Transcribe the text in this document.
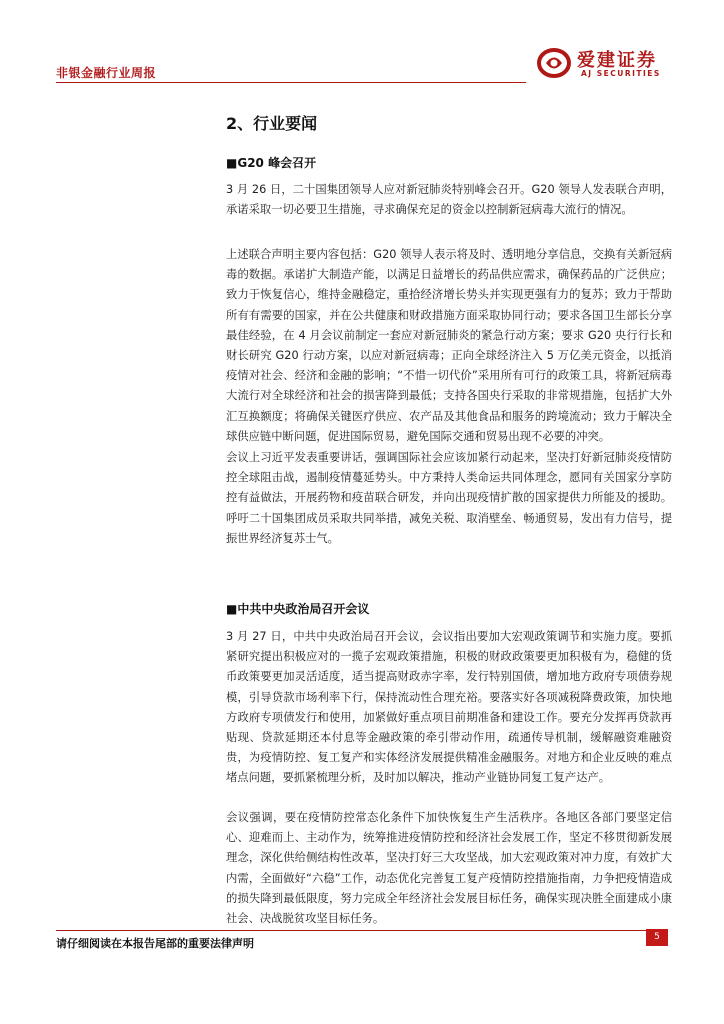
非银金融行业周报
爱建证券
AJ SECURITIES
2、行业要闻
■G20 峰会召开
3 月 26 日，二十国集团领导人应对新冠肺炎特别峰会召开。G20 领导人发表联合声明，承诺采取一切必要卫生措施，寻求确保充足的资金以控制新冠病毒大流行的情况。
上述联合声明主要内容包括：G20 领导人表示将及时、透明地分享信息，交换有关新冠病毒的数据。承诺扩大制造产能，以满足日益增长的药品供应需求，确保药品的广泛供应；致力于恢复信心，维持金融稳定，重拾经济增长势头并实现更强有力的复苏；致力于帮助所有有需要的国家，并在公共健康和财政措施方面采取协同行动；要求各国卫生部长分享最佳经验，在 4 月会议前制定一套应对新冠肺炎的紧急行动方案；要求 G20 央行行长和财长研究 G20 行动方案，以应对新冠病毒；正向全球经济注入 5 万亿美元资金，以抵消疫情对社会、经济和金融的影响；“不惜一切代价”采用所有可行的政策工具，将新冠病毒大流行对全球经济和社会的损害降到最低；支持各国央行采取的非常规措施，包括扩大外汇互换额度；将确保关键医疗供应、农产品及其他食品和服务的跨境流动；致力于解决全球供应链中断问题，促进国际贸易，避免国际交通和贸易出现不必要的冲突。
会议上习近平发表重要讲话，强调国际社会应该加紧行动起来，坚决打好新冠肺炎疫情防控全球阻击战，遏制疫情蔓延势头。中方秉持人类命运共同体理念，愿同有关国家分享防控有益做法，开展药物和疫苗联合研发，并向出现疫情扩散的国家提供力所能及的援助。呼吁二十国集团成员采取共同举措，减免关税、取消壁垒、畅通贸易，发出有力信号，提振世界经济复苏士气。
■中共中央政治局召开会议
3 月 27 日，中共中央政治局召开会议，会议指出要加大宏观政策调节和实施力度。要抓紧研究提出积极应对的一揽子宏观政策措施，积极的财政政策要更加积极有为，稳健的货币政策要更加灵活适度，适当提高财政赤字率，发行特别国债，增加地方政府专项债券规模，引导贷款市场利率下行，保持流动性合理充裕。要落实好各项减税降费政策，加快地方政府专项债发行和使用，加紧做好重点项目前期准备和建设工作。要充分发挥再贷款再贴现、贷款延期还本付息等金融政策的牵引带动作用，疏通传导机制，缓解融资难融资贵，为疫情防控、复工复产和实体经济发展提供精准金融服务。对地方和企业反映的难点堵点问题，要抓紧梳理分析，及时加以解决，推动产业链协同复工复产达产。
会议强调，要在疫情防控常态化条件下加快恢复生产生活秩序。各地区各部门要坚定信心、迎难而上、主动作为，统筹推进疫情防控和经济社会发展工作，坚定不移贯彻新发展理念，深化供给侧结构性改革，坚决打好三大攻坚战，加大宏观政策对冲力度，有效扩大内需，全面做好“六稳”工作，动态优化完善复工复产疫情防控措施指南，力争把疫情造成的损失降到最低限度，努力完成全年经济社会发展目标任务，确保实现决胜全面建成小康社会、决战脱贫攻坚目标任务。
请仔细阅读在本报告尾部的重要法律声明	5
